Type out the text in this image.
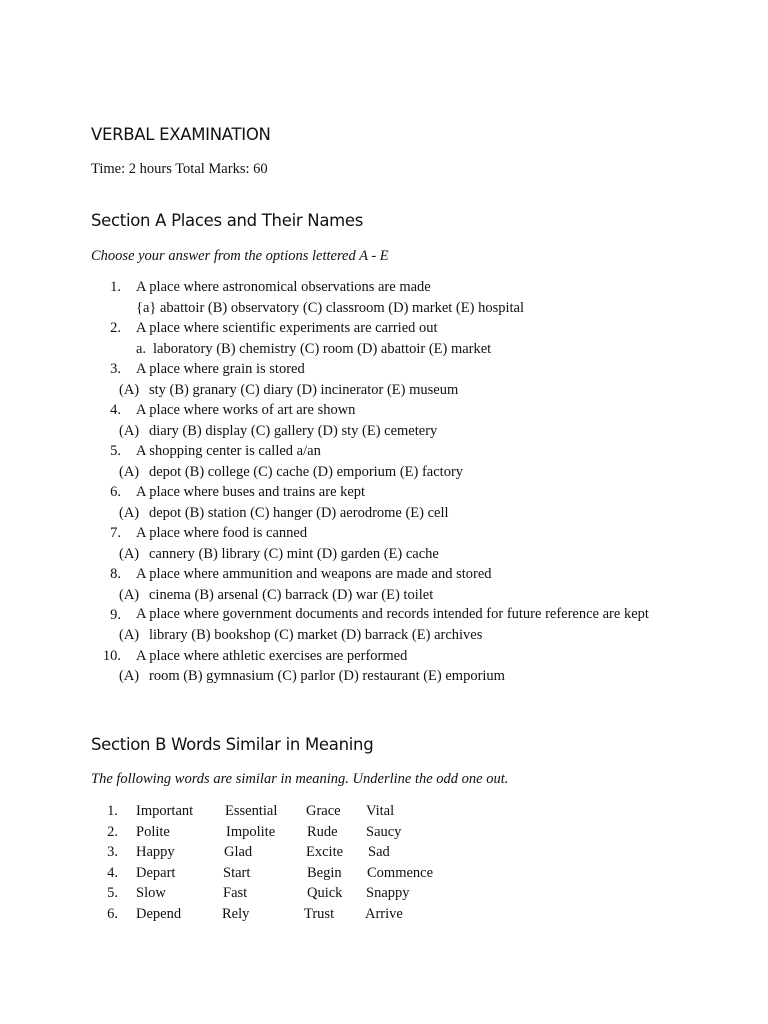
VERBAL EXAMINATION
Time: 2 hours Total Marks: 60
Section A Places and Their Names
Choose your answer from the options lettered A - E
1. A place where astronomical observations are made
{a} abattoir (B) observatory (C) classroom (D) market (E) hospital
2. A place where scientific experiments are carried out
a. laboratory (B) chemistry (C) room (D) abattoir (E) market
3. A place where grain is stored
(A) sty (B) granary (C) diary (D) incinerator (E) museum
4. A place where works of art are shown
(A) diary (B) display (C) gallery (D) sty (E) cemetery
5. A shopping center is called a/an
(A) depot (B) college (C) cache (D) emporium (E) factory
6. A place where buses and trains are kept
(A) depot (B) station (C) hanger (D) aerodrome (E) cell
7. A place where food is canned
(A) cannery (B) library (C) mint (D) garden (E) cache
8. A place where ammunition and weapons are made and stored
(A) cinema (B) arsenal (C) barrack (D) war (E) toilet
9. A place where government documents and records intended for future reference are kept
(A) library (B) bookshop (C) market (D) barrack (E) archives
10. A place where athletic exercises are performed
(A) room (B) gymnasium (C) parlor (D) restaurant (E) emporium
Section B Words Similar in Meaning
The following words are similar in meaning. Underline the odd one out.
1. Important Essential Grace Vital
2. Polite	Impolite Rude Saucy
3. Happy	Glad	Excite Sad
4. Depart	Start	Begin Commence
5. Slow	Fast	Quick Snappy
6. Depend	Rely	Trust Arrive
